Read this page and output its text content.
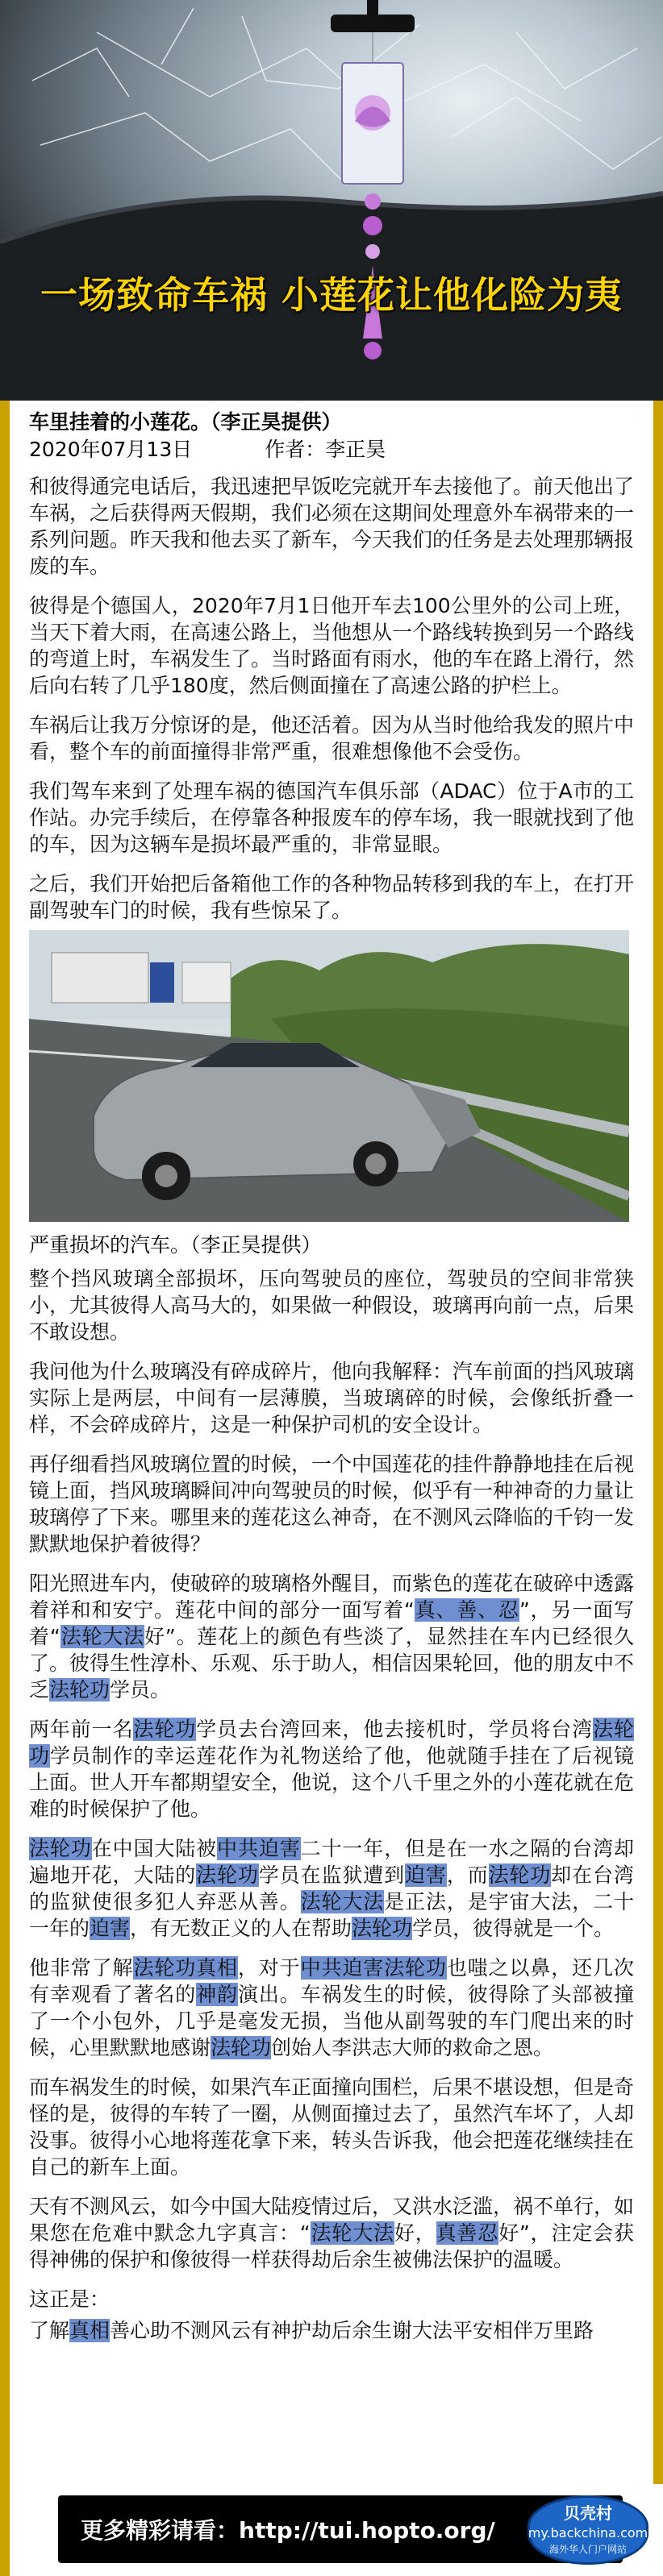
一场致命车祸 小莲花让他化险为夷
车里挂着的小莲花。（李正昊提供）
2020年07月13日	作者：李正昊

和彼得通完电话后，我迅速把早饭吃完就开车去接他了。前天他出了车祸，之后获得两天假期，我们必须在这期间处理意外车祸带来的一系列问题。昨天我和他去买了新车，今天我们的任务是去处理那辆报废的车。

彼得是个德国人，2020年7月1日他开车去100公里外的公司上班，当天下着大雨，在高速公路上，当他想从一个路线转换到另一个路线的弯道上时，车祸发生了。当时路面有雨水，他的车在路上滑行，然后向右转了几乎180度，然后侧面撞在了高速公路的护栏上。

车祸后让我万分惊讶的是，他还活着。因为从当时他给我发的照片中看，整个车的前面撞得非常严重，很难想像他不会受伤。

我们驾车来到了处理车祸的德国汽车俱乐部（ADAC）位于A市的工作站。办完手续后，在停靠各种报废车的停车场，我一眼就找到了他的车，因为这辆车是损坏最严重的，非常显眼。

之后，我们开始把后备箱他工作的各种物品转移到我的车上，在打开副驾驶车门的时候，我有些惊呆了。

严重损坏的汽车。（李正昊提供）

整个挡风玻璃全部损坏，压向驾驶员的座位，驾驶员的空间非常狭小，尤其彼得人高马大的，如果做一种假设，玻璃再向前一点，后果不敢设想。

我问他为什么玻璃没有碎成碎片，他向我解释：汽车前面的挡风玻璃实际上是两层，中间有一层薄膜，当玻璃碎的时候，会像纸折叠一样，不会碎成碎片，这是一种保护司机的安全设计。

再仔细看挡风玻璃位置的时候，一个中国莲花的挂件静静地挂在后视镜上面，挡风玻璃瞬间冲向驾驶员的时候，似乎有一种神奇的力量让玻璃停了下来。哪里来的莲花这么神奇，在不测风云降临的千钧一发默默地保护着彼得？

阳光照进车内，使破碎的玻璃格外醒目，而紫色的莲花在破碎中透露着祥和和安宁。莲花中间的部分一面写着“真、善、忍”，另一面写着“法轮大法好”。莲花上的颜色有些淡了，显然挂在车内已经很久了。彼得生性淳朴、乐观、乐于助人，相信因果轮回，他的朋友中不乏法轮功学员。

两年前一名法轮功学员去台湾回来，他去接机时，学员将台湾法轮功学员制作的幸运莲花作为礼物送给了他，他就随手挂在了后视镜上面。世人开车都期望安全，他说，这个八千里之外的小莲花就在危难的时候保护了他。

法轮功在中国大陆被中共迫害二十一年，但是在一水之隔的台湾却遍地开花，大陆的法轮功学员在监狱遭到迫害，而法轮功却在台湾的监狱使很多犯人弃恶从善。法轮大法是正法，是宇宙大法，二十一年的迫害，有无数正义的人在帮助法轮功学员，彼得就是一个。

他非常了解法轮功真相，对于中共迫害法轮功也嗤之以鼻，还几次有幸观看了著名的神韵演出。车祸发生的时候，彼得除了头部被撞了一个小包外，几乎是毫发无损，当他从副驾驶的车门爬出来的时候，心里默默地感谢法轮功创始人李洪志大师的救命之恩。

而车祸发生的时候，如果汽车正面撞向围栏，后果不堪设想，但是奇怪的是，彼得的车转了一圈，从侧面撞过去了，虽然汽车坏了，人却没事。彼得小心地将莲花拿下来，转头告诉我，他会把莲花继续挂在自己的新车上面。

天有不测风云，如今中国大陆疫情过后，又洪水泛滥，祸不单行，如果您在危难中默念九字真言：“法轮大法好，真善忍好”，注定会获得神佛的保护和像彼得一样获得劫后余生被佛法保护的温暖。

这正是：

了解真相善心助不测风云有神护劫后余生谢大法平安相伴万里路

更多精彩请看：http://tui.hopto.org/
贝壳村
my.backchina.com
海外华人门户网站
